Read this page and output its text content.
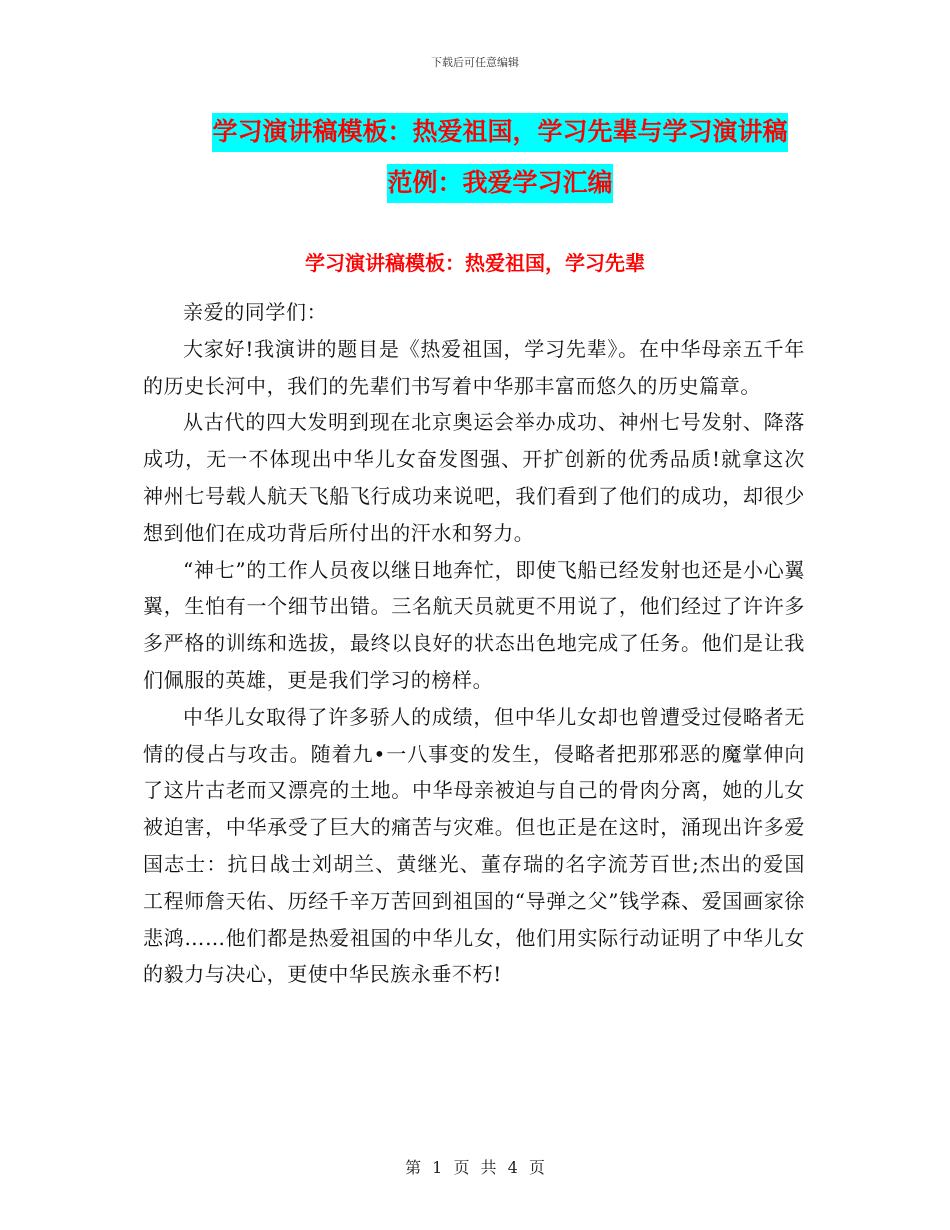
下载后可任意编辑
学习演讲稿模板：热爱祖国，学习先辈与学习演讲稿
范例：我爱学习汇编
学习演讲稿模板：热爱祖国，学习先辈

亲爱的同学们：

大家好!我演讲的题目是《热爱祖国，学习先辈》。在中华母亲五千年的历史长河中，我们的先辈们书写着中华那丰富而悠久的历史篇章。

从古代的四大发明到现在北京奥运会举办成功、神州七号发射、降落成功，无一不体现出中华儿女奋发图强、开扩创新的优秀品质!就拿这次神州七号载人航天飞船飞行成功来说吧，我们看到了他们的成功，却很少想到他们在成功背后所付出的汗水和努力。

“神七”的工作人员夜以继日地奔忙，即使飞船已经发射也还是小心翼翼，生怕有一个细节出错。三名航天员就更不用说了，他们经过了许许多多严格的训练和选拔，最终以良好的状态出色地完成了任务。他们是让我们佩服的英雄，更是我们学习的榜样。

中华儿女取得了许多骄人的成绩，但中华儿女却也曾遭受过侵略者无情的侵占与攻击。随着九•一八事变的发生，侵略者把那邪恶的魔掌伸向了这片古老而又漂亮的土地。中华母亲被迫与自己的骨肉分离，她的儿女被迫害，中华承受了巨大的痛苦与灾难。但也正是在这时，涌现出许多爱国志士：抗日战士刘胡兰、黄继光、董存瑞的名字流芳百世;杰出的爱国工程师詹天佑、历经千辛万苦回到祖国的“导弹之父”钱学森、爱国画家徐悲鸿……他们都是热爱祖国的中华儿女，他们用实际行动证明了中华儿女的毅力与决心，更使中华民族永垂不朽!

第 1 页 共 4 页
